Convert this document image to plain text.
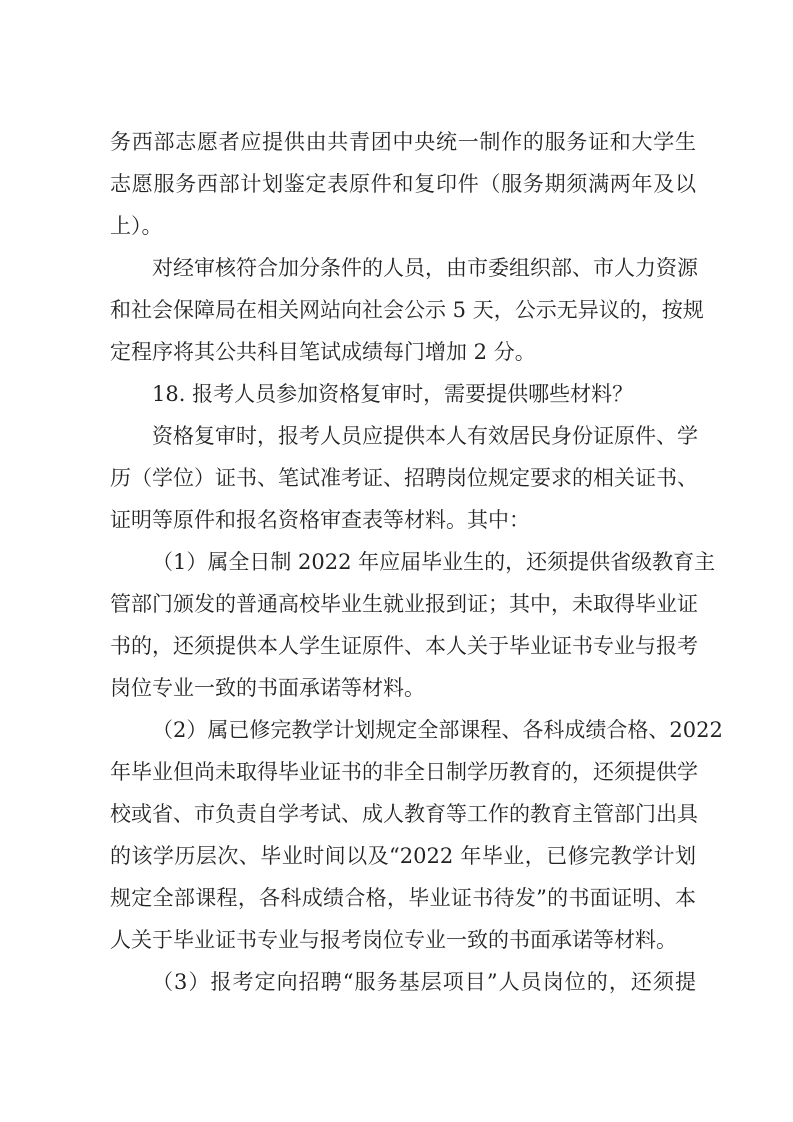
务西部志愿者应提供由共青团中央统一制作的服务证和大学生
志愿服务西部计划鉴定表原件和复印件（服务期须满两年及以
上）。
对经审核符合加分条件的人员，由市委组织部、市人力资源
和社会保障局在相关网站向社会公示 5 天，公示无异议的，按规
定程序将其公共科目笔试成绩每门增加 2 分。
18. 报考人员参加资格复审时，需要提供哪些材料？
资格复审时，报考人员应提供本人有效居民身份证原件、学
历（学位）证书、笔试准考证、招聘岗位规定要求的相关证书、
证明等原件和报名资格审查表等材料。其中：
（1）属全日制 2022 年应届毕业生的，还须提供省级教育主
管部门颁发的普通高校毕业生就业报到证；其中，未取得毕业证
书的，还须提供本人学生证原件、本人关于毕业证书专业与报考
岗位专业一致的书面承诺等材料。
（2）属已修完教学计划规定全部课程、各科成绩合格、2022
年毕业但尚未取得毕业证书的非全日制学历教育的，还须提供学
校或省、市负责自学考试、成人教育等工作的教育主管部门出具
的该学历层次、毕业时间以及“2022 年毕业，已修完教学计划
规定全部课程，各科成绩合格，毕业证书待发”的书面证明、本
人关于毕业证书专业与报考岗位专业一致的书面承诺等材料。
（3）报考定向招聘“服务基层项目”人员岗位的，还须提
